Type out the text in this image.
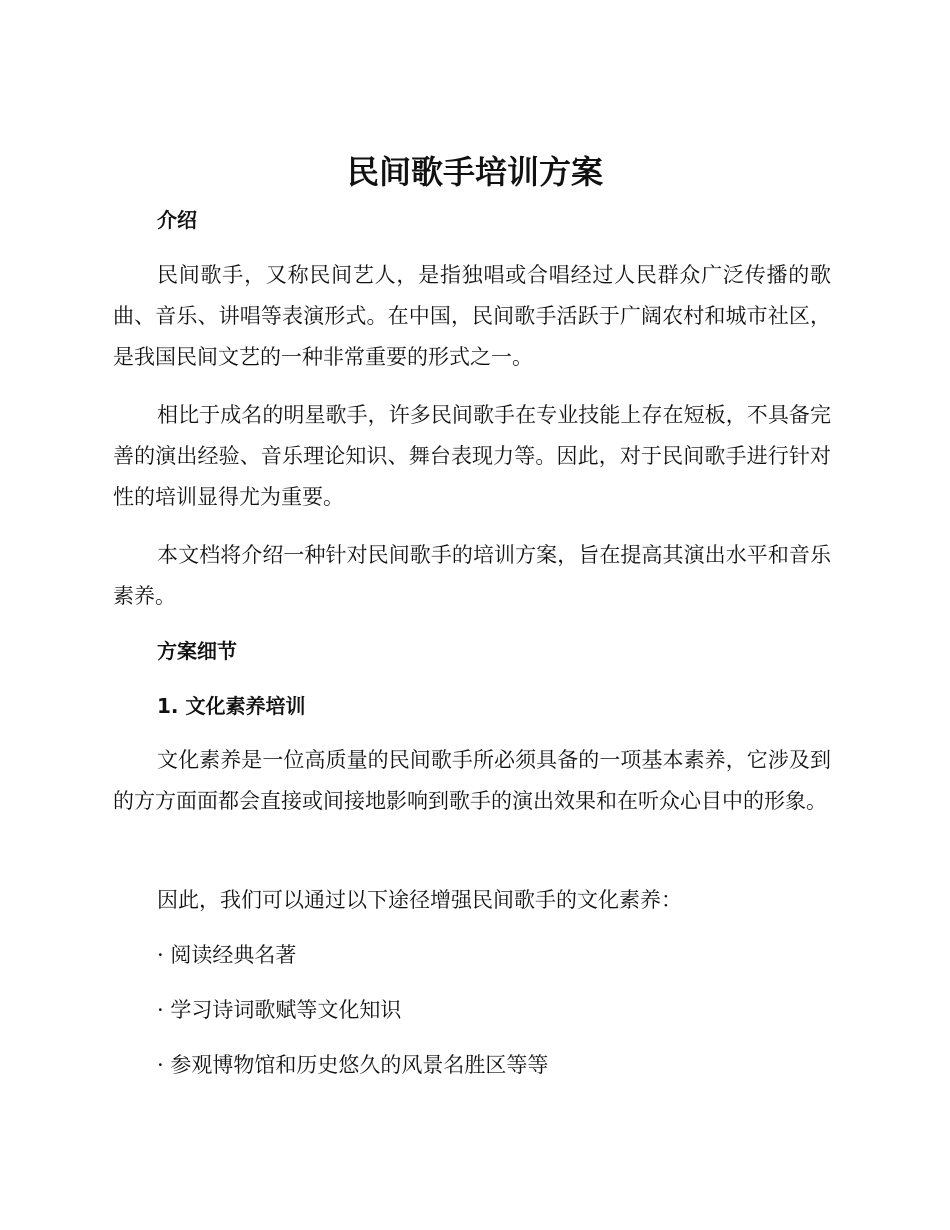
民间歌手培训方案
介绍

民间歌手，又称民间艺人，是指独唱或合唱经过人民群众广泛传播的歌曲、音乐、讲唱等表演形式。在中国，民间歌手活跃于广阔农村和城市社区，是我国民间文艺的一种非常重要的形式之一。

相比于成名的明星歌手，许多民间歌手在专业技能上存在短板，不具备完善的演出经验、音乐理论知识、舞台表现力等。因此，对于民间歌手进行针对性的培训显得尤为重要。

本文档将介绍一种针对民间歌手的培训方案，旨在提高其演出水平和音乐素养。

方案细节
1. 文化素养培训

文化素养是一位高质量的民间歌手所必须具备的一项基本素养，它涉及到的方方面面都会直接或间接地影响到歌手的演出效果和在听众心目中的形象。

因此，我们可以通过以下途径增强民间歌手的文化素养：

· 阅读经典名著

· 学习诗词歌赋等文化知识

· 参观博物馆和历史悠久的风景名胜区等等
